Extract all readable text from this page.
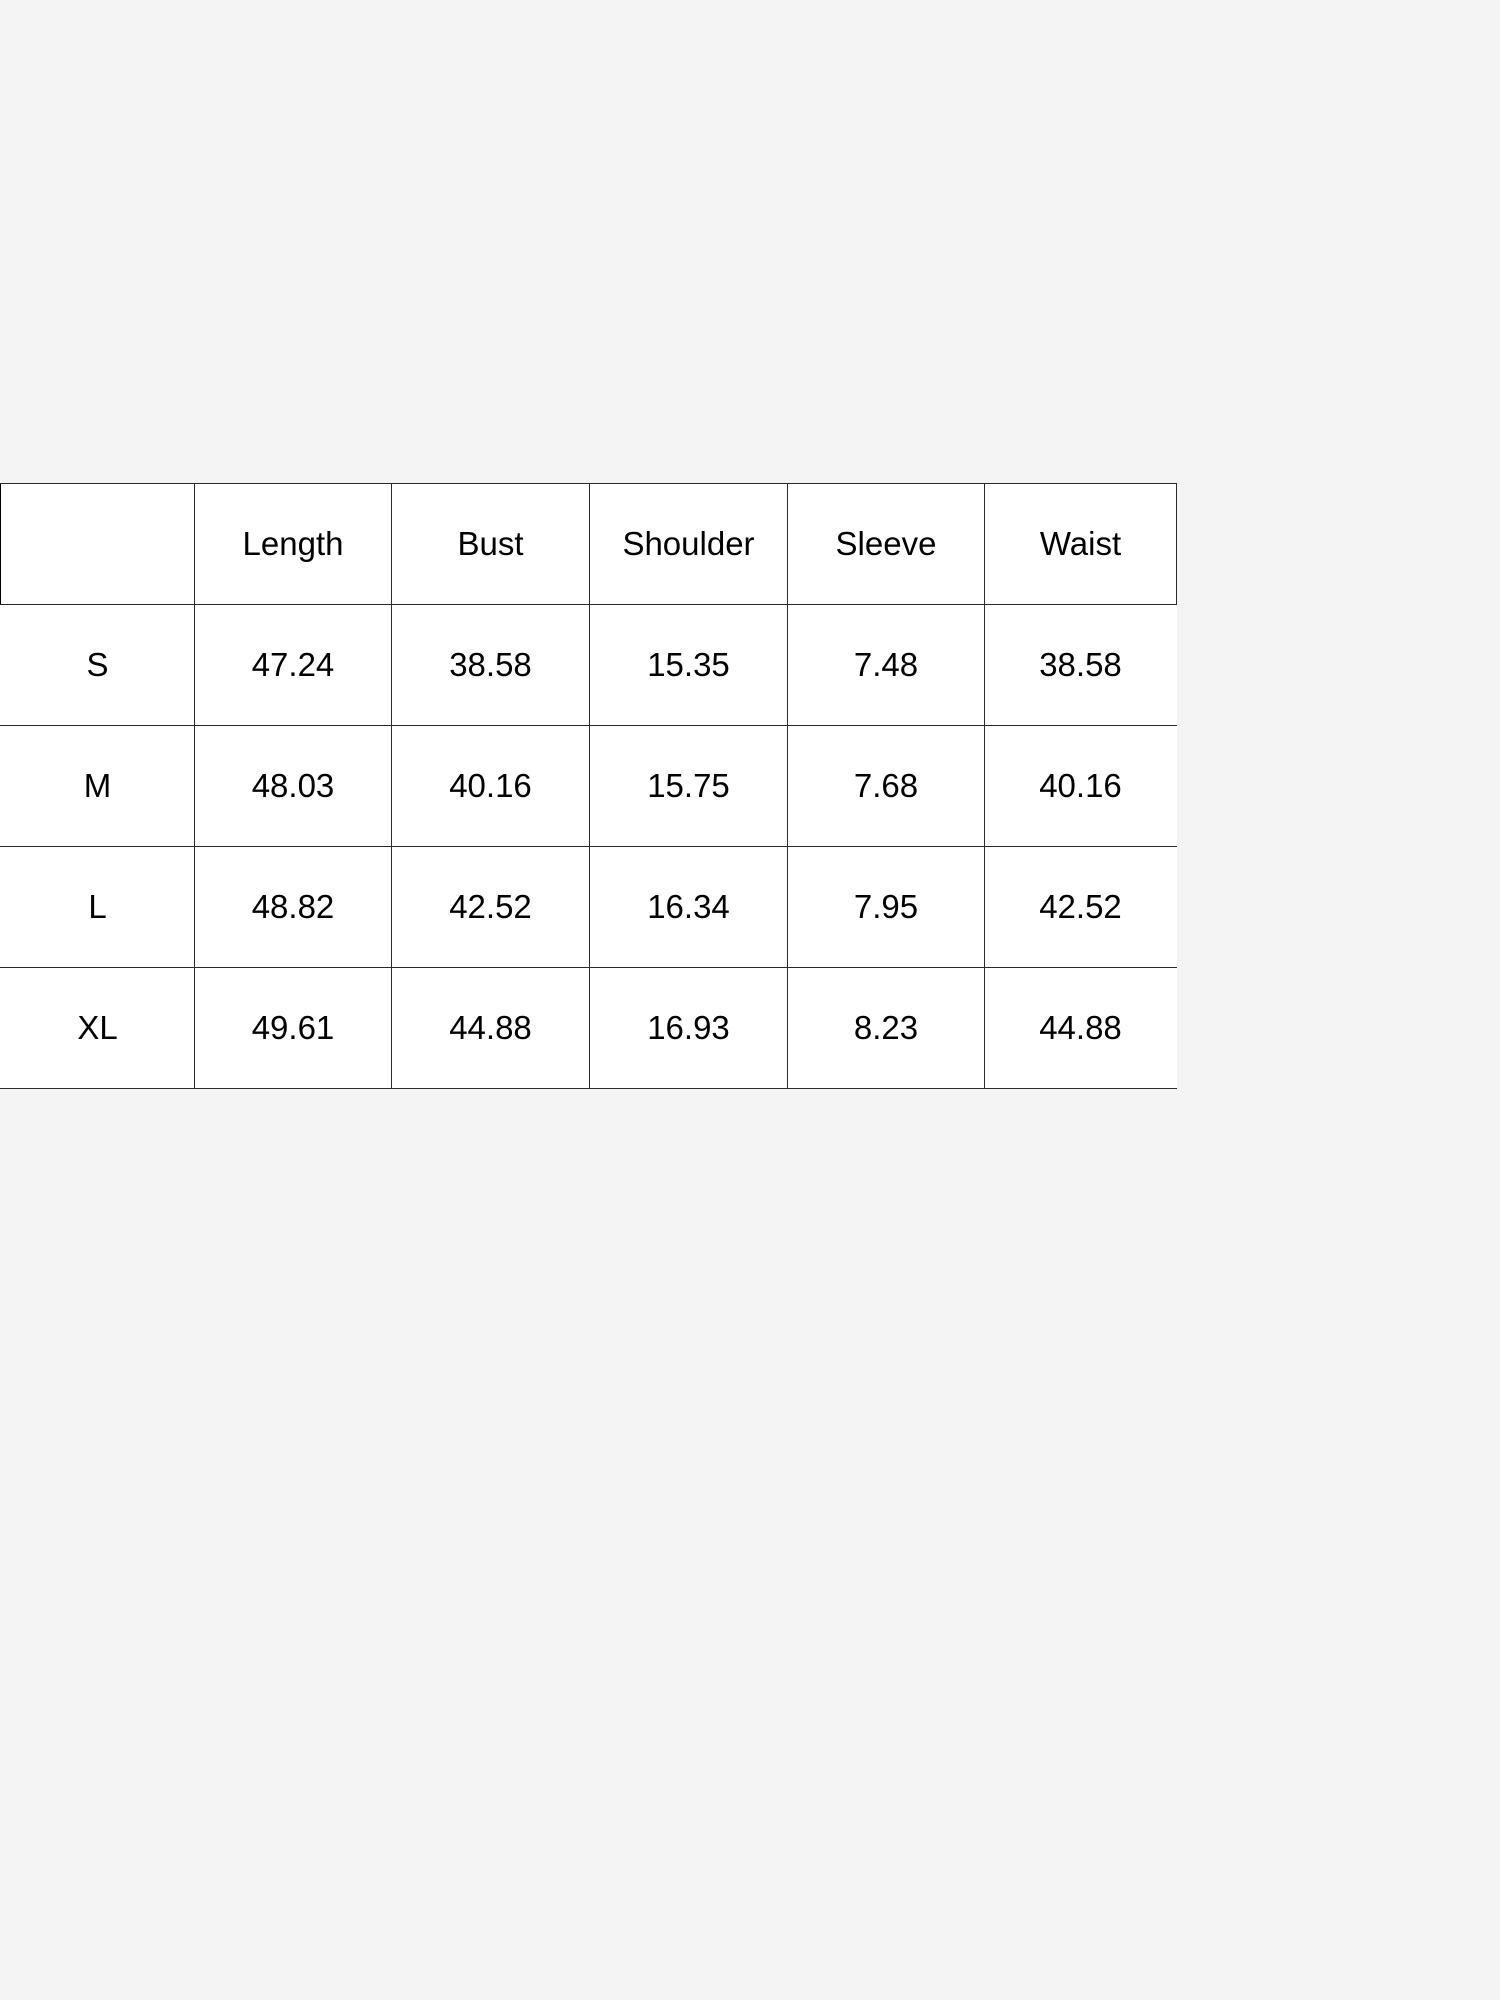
In
Size	Length	Bust	Shoulder	Sleeve	Waist
S	47.24	38.58	15.35	7.48	38.58
M	48.03	40.16	15.75	7.68	40.16
L	48.82	42.52	16.34	7.95	42.52
XL	49.61	44.88	16.93	8.23	44.88
